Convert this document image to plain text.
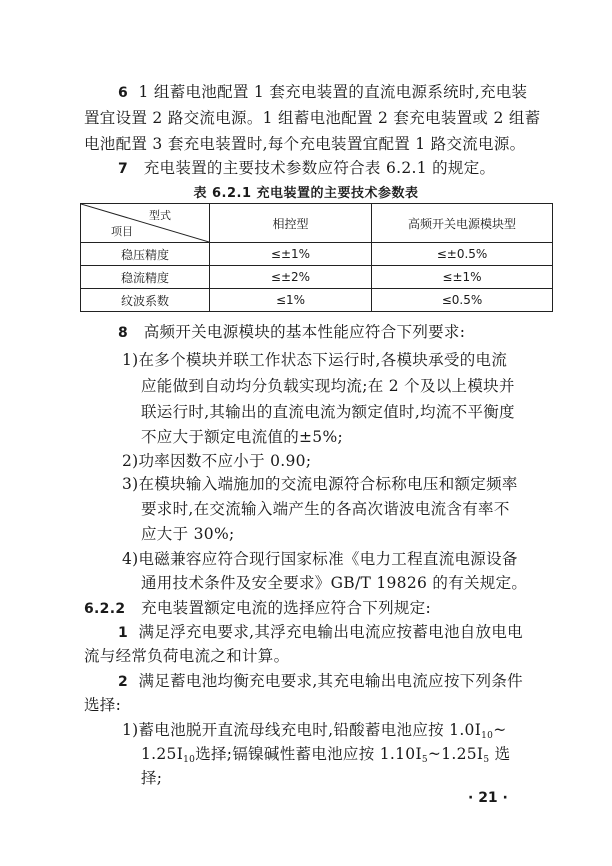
6 1 组蓄电池配置 1 套充电装置的直流电源系统时,充电装
置宜设置 2 路交流电源。1 组蓄电池配置 2 套充电装置或 2 组蓄
电池配置 3 套充电装置时,每个充电装置宜配置 1 路交流电源。
7 充电装置的主要技术参数应符合表 6.2.1 的规定。
表 6.2.1 充电装置的主要技术参数表
型式
项目	相控型	高频开关电源模块型
稳压精度	≤±1%	≤±0.5%
稳流精度	≤±2%	≤±1%
纹波系数	≤1%	≤0.5%
8 高频开关电源模块的基本性能应符合下列要求:
1)在多个模块并联工作状态下运行时,各模块承受的电流
应能做到自动均分负载实现均流;在 2 个及以上模块并
联运行时,其输出的直流电流为额定值时,均流不平衡度
不应大于额定电流值的±5%;
2)功率因数不应小于 0.90;
3)在模块输入端施加的交流电源符合标称电压和额定频率
要求时,在交流输入端产生的各高次谐波电流含有率不
应大于 30%;
4)电磁兼容应符合现行国家标准《电力工程直流电源设备
通用技术条件及安全要求》GB/T 19826 的有关规定。
6.2.2 充电装置额定电流的选择应符合下列规定:
1 满足浮充电要求,其浮充电输出电流应按蓄电池自放电电
流与经常负荷电流之和计算。
2 满足蓄电池均衡充电要求,其充电输出电流应按下列条件
选择:
1)蓄电池脱开直流母线充电时,铅酸蓄电池应按 $1.0I_{10}\sim$
$1.25I_{10}$选择;镉镍碱性蓄电池应按 $1.10I_5\sim 1.25I_5$ 选
择;
· 21 ·
